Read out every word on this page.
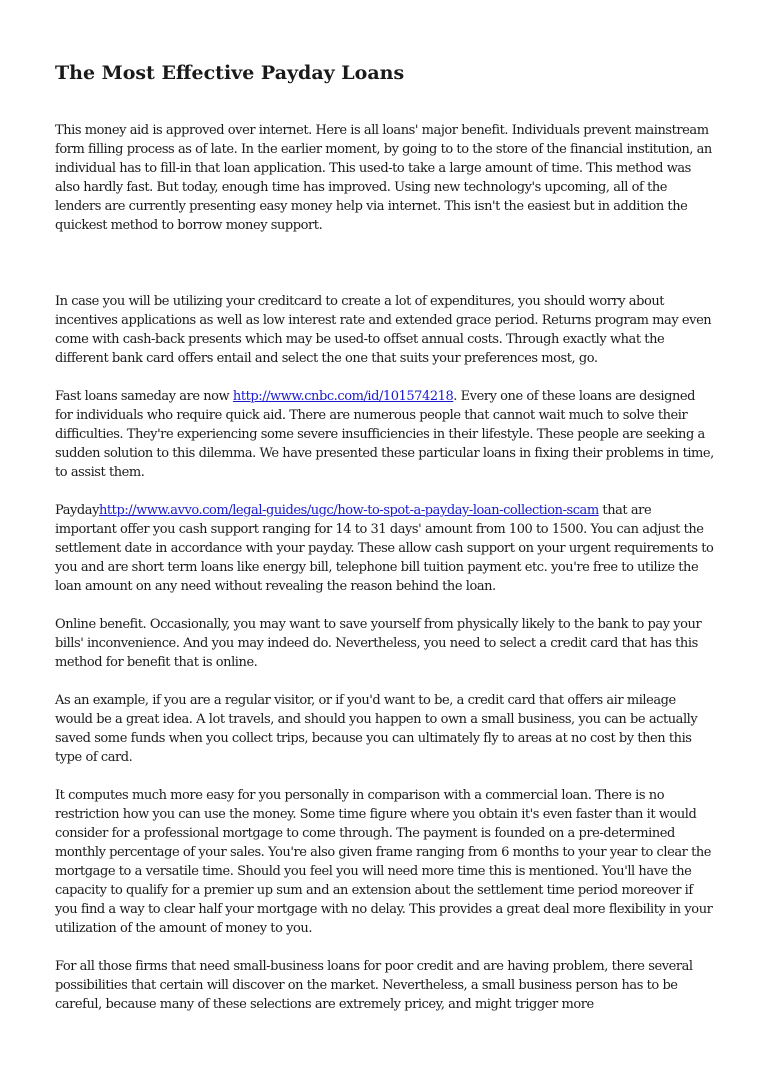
The Most Effective Payday Loans

This money aid is approved over internet. Here is all loans' major benefit. Individuals prevent mainstream form filling process as of late. In the earlier moment, by going to to the store of the financial institution, an individual has to fill-in that loan application. This used-to take a large amount of time. This method was also hardly fast. But today, enough time has improved. Using new technology's upcoming, all of the lenders are currently presenting easy money help via internet. This isn't the easiest but in addition the quickest method to borrow money support.

In case you will be utilizing your creditcard to create a lot of expenditures, you should worry about incentives applications as well as low interest rate and extended grace period. Returns program may even come with cash-back presents which may be used-to offset annual costs. Through exactly what the different bank card offers entail and select the one that suits your preferences most, go.

Fast loans sameday are now http://www.cnbc.com/id/101574218. Every one of these loans are designed for individuals who require quick aid. There are numerous people that cannot wait much to solve their difficulties. They're experiencing some severe insufficiencies in their lifestyle. These people are seeking a sudden solution to this dilemma. We have presented these particular loans in fixing their problems in time, to assist them.

Paydayhttp://www.avvo.com/legal-guides/ugc/how-to-spot-a-payday-loan-collection-scam that are important offer you cash support ranging for 14 to 31 days' amount from 100 to 1500. You can adjust the settlement date in accordance with your payday. These allow cash support on your urgent requirements to you and are short term loans like energy bill, telephone bill tuition payment etc. you're free to utilize the loan amount on any need without revealing the reason behind the loan.

Online benefit. Occasionally, you may want to save yourself from physically likely to the bank to pay your bills' inconvenience. And you may indeed do. Nevertheless, you need to select a credit card that has this method for benefit that is online.

As an example, if you are a regular visitor, or if you'd want to be, a credit card that offers air mileage would be a great idea. A lot travels, and should you happen to own a small business, you can be actually saved some funds when you collect trips, because you can ultimately fly to areas at no cost by then this type of card.

It computes much more easy for you personally in comparison with a commercial loan. There is no restriction how you can use the money. Some time figure where you obtain it's even faster than it would consider for a professional mortgage to come through. The payment is founded on a pre-determined monthly percentage of your sales. You're also given frame ranging from 6 months to your year to clear the mortgage to a versatile time. Should you feel you will need more time this is mentioned. You'll have the capacity to qualify for a premier up sum and an extension about the settlement time period moreover if you find a way to clear half your mortgage with no delay. This provides a great deal more flexibility in your utilization of the amount of money to you.

For all those firms that need small-business loans for poor credit and are having problem, there several possibilities that certain will discover on the market. Nevertheless, a small business person has to be careful, because many of these selections are extremely pricey, and might trigger more
